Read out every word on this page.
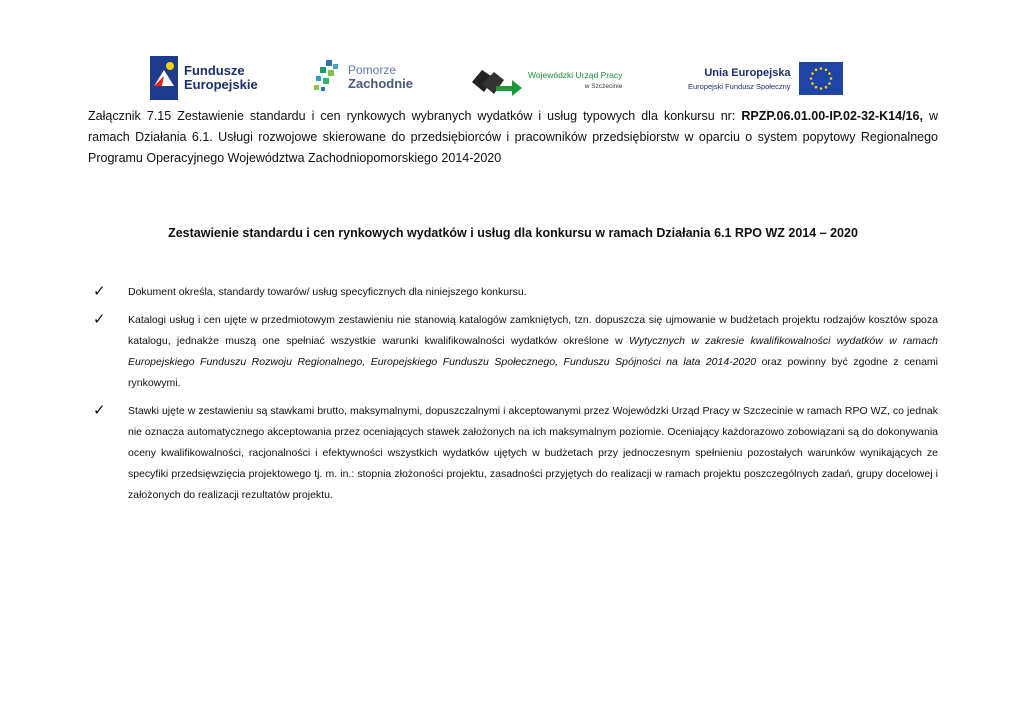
Fundusze
Europejskie
Pomorze
Zachodnie
Wojewódzki Urząd Pracy
w Szczecinie
Unia Europejska
Europejski Fundusz Społeczny
Załącznik 7.15 Zestawienie standardu i cen rynkowych wybranych wydatków i usług typowych dla konkursu nr: RPZP.06.01.00-IP.02-32-K14/16, w ramach Działania 6.1. Usługi rozwojowe skierowane do przedsiębiorców i pracowników przedsiębiorstw w oparciu o system popytowy Regionalnego Programu Operacyjnego Województwa Zachodniopomorskiego 2014-2020
Zestawienie standardu i cen rynkowych wydatków i usług dla konkursu w ramach Działania 6.1 RPO WZ 2014 – 2020
✓	Dokument określa, standardy towarów/ usług specyficznych dla niniejszego konkursu.
✓	Katalogi usług i cen ujęte w przedmiotowym zestawieniu nie stanowią katalogów zamkniętych, tzn. dopuszcza się ujmowanie w budżetach projektu rodzajów kosztów spoza katalogu, jednakże muszą one spełniać wszystkie warunki kwalifikowalności wydatków określone w Wytycznych w zakresie kwalifikowalności wydatków w ramach Europejskiego Funduszu Rozwoju Regionalnego, Europejskiego Funduszu Społecznego, Funduszu Spójności na lata 2014-2020 oraz powinny być zgodne z cenami rynkowymi.
✓	Stawki ujęte w zestawieniu są stawkami brutto, maksymalnymi, dopuszczalnymi i akceptowanymi przez Wojewódzki Urząd Pracy w Szczecinie w ramach RPO WZ, co jednak nie oznacza automatycznego akceptowania przez oceniających stawek założonych na ich maksymalnym poziomie. Oceniający każdorazowo zobowiązani są do dokonywania oceny kwalifikowalności, racjonalności i efektywności wszystkich wydatków ujętych w budżetach przy jednoczesnym spełnieniu pozostałych warunków wynikających ze specyfiki przedsięwzięcia projektowego tj. m. in.: stopnia złożoności projektu, zasadności przyjętych do realizacji w ramach projektu poszczególnych zadań, grupy docelowej i założonych do realizacji rezultatów projektu.
